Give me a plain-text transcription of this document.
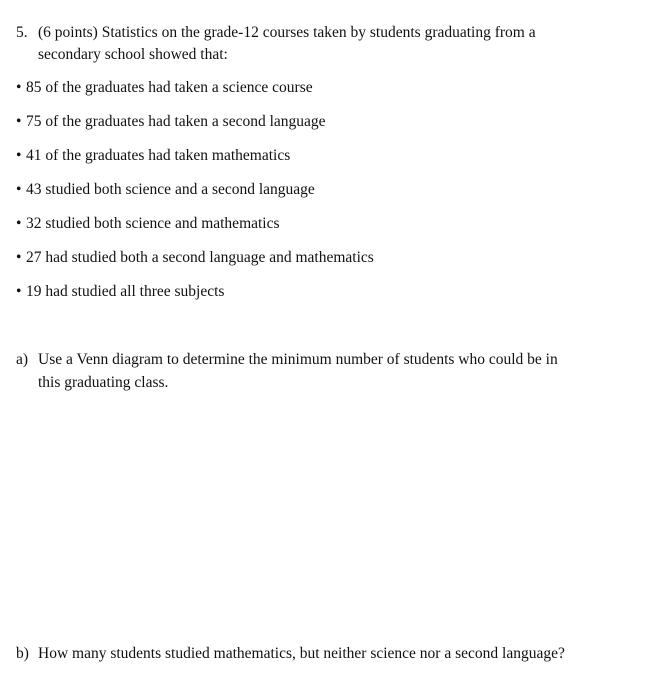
5. (6 points) Statistics on the grade-12 courses taken by students graduating from a
secondary school showed that:
• 85 of the graduates had taken a science course
• 75 of the graduates had taken a second language
• 41 of the graduates had taken mathematics
• 43 studied both science and a second language
• 32 studied both science and mathematics
• 27 had studied both a second language and mathematics
• 19 had studied all three subjects
a) Use a Venn diagram to determine the minimum number of students who could be in
this graduating class.
b) How many students studied mathematics, but neither science nor a second language?
